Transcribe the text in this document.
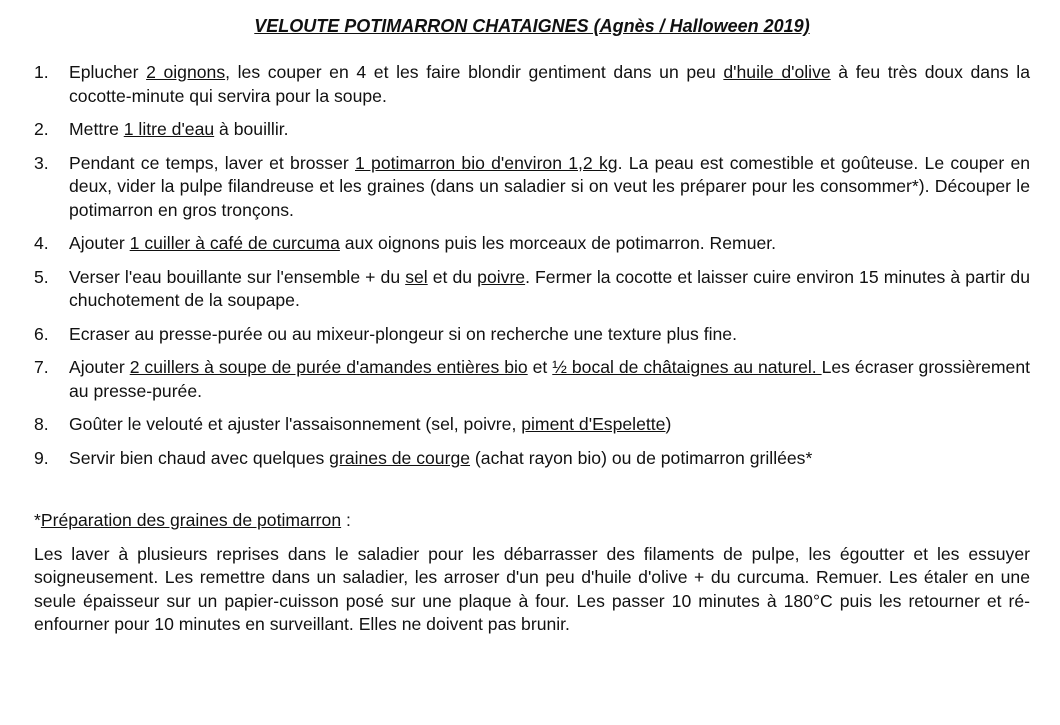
VELOUTE POTIMARRON CHATAIGNES (Agnès / Halloween 2019)
1.	Eplucher 2 oignons, les couper en 4 et les faire blondir gentiment dans un peu d'huile d'olive à feu très doux dans la cocotte-minute qui servira pour la soupe.
2.	Mettre 1 litre d'eau à bouillir.
3.	Pendant ce temps, laver et brosser 1 potimarron bio d'environ 1,2 kg. La peau est comestible et goûteuse. Le couper en deux, vider la pulpe filandreuse et les graines (dans un saladier si on veut les préparer pour les consommer*). Découper le potimarron en gros tronçons.
4.	Ajouter 1 cuiller à café de curcuma aux oignons puis les morceaux de potimarron. Remuer.
5.	Verser l'eau bouillante sur l'ensemble + du sel et du poivre. Fermer la cocotte et laisser cuire environ 15 minutes à partir du chuchotement de la soupape.
6.	Ecraser au presse-purée ou au mixeur-plongeur si on recherche une texture plus fine.
7.	Ajouter 2 cuillers à soupe de purée d'amandes entières bio et ½ bocal de châtaignes au naturel. Les écraser grossièrement au presse-purée.
8.	Goûter le velouté et ajuster l'assaisonnement (sel, poivre, piment d'Espelette)
9.	Servir bien chaud avec quelques graines de courge (achat rayon bio) ou de potimarron grillées*

*Préparation des graines de potimarron :

Les laver à plusieurs reprises dans le saladier pour les débarrasser des filaments de pulpe, les égoutter et les essuyer soigneusement. Les remettre dans un saladier, les arroser d'un peu d'huile d'olive + du curcuma. Remuer. Les étaler en une seule épaisseur sur un papier-cuisson posé sur une plaque à four. Les passer 10 minutes à 180°C puis les retourner et ré-enfourner pour 10 minutes en surveillant. Elles ne doivent pas brunir.
